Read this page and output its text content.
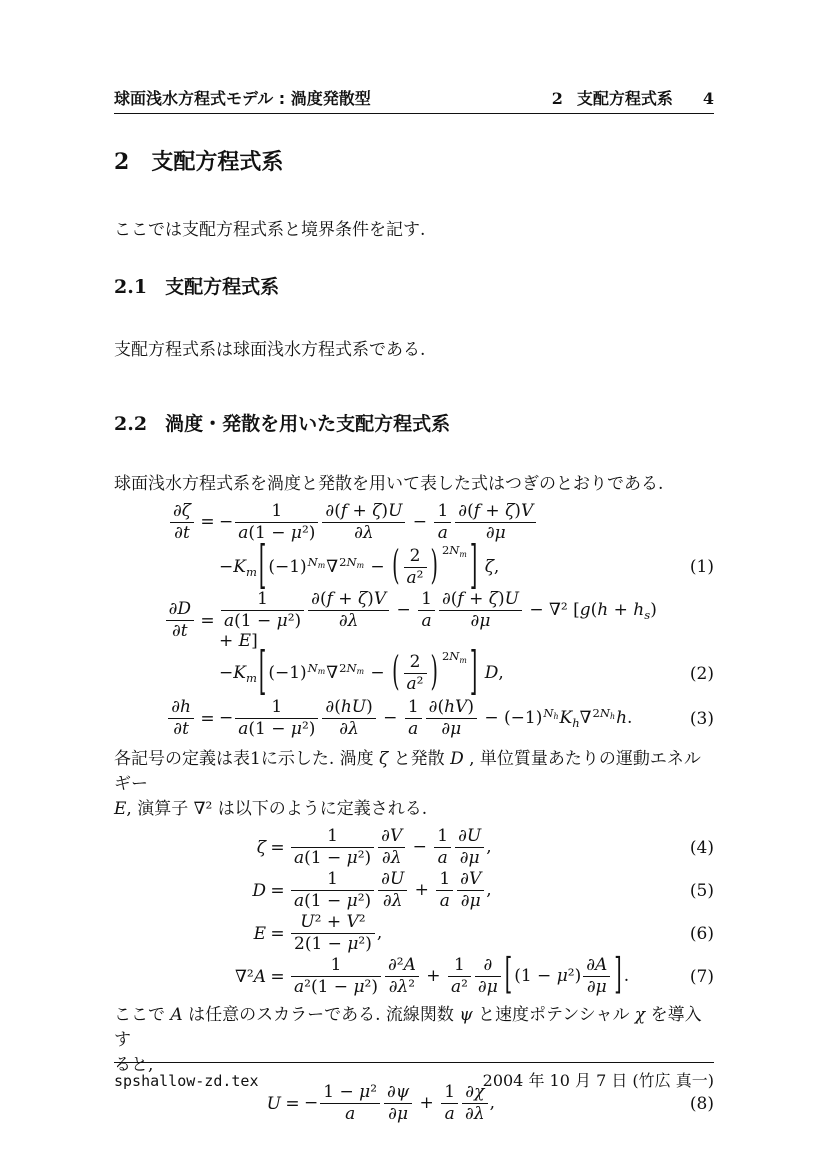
球面浅水方程式モデル : 渦度発散型	2 支配方程式系 4
2 支配方程式系
ここでは支配方程式系と境界条件を記す.
2.1 支配方程式系
支配方程式系は球面浅水方程式系である.
2.2 渦度・発散を用いた支配方程式系
球面浅水方程式系を渦度と発散を用いて表した式はつぎのとおりである.
$\frac{\partial\zeta}{\partial t}$ = − $\frac{1}{\text{a(1 − μ²)}} \frac{\partial(f + \zeta)U}{\partial\lambda} - \frac{1}{a} \frac{\partial(f + \zeta)V}{\partial\mu}$
$-K_m$ [ $(-1)^{N_m}\nabla^{2N_m}$ − ( $\frac{2}{\text{a²}}$ ) $^{2N_m}$ ] ζ,	(1)
$\frac{\partial D}{\partial t} = \frac{1}{\text{a(1 − μ²)}} \frac{\partial(f + \zeta)V}{\partial\lambda} - \frac{1}{a} \frac{\partial(f + \zeta)U}{\partial\mu} - \nabla^2$ $[g(h + h_s) + E]$
$-K_m$ [ $(-1)^{N_m}\nabla^{2N_m}$ − ( $\frac{2}{\text{a²}}$ ) $^{2N_m}$ ] D,	(2)
$\frac{\partial h}{\partial t}$ = − $\frac{1}{\text{a(1 − μ²)}} \frac{\partial(hU)}{\partial\lambda} - \frac{1}{a} \frac{\partial(hV)}{\partial\mu} - (-1)^{N_h}K_h\nabla^{2N_h}h$.	(3)
各記号の定義は表1に示した. 渦度 ζ と発散 D , 単位質量あたりの運動エネルギー
E, 演算子 ∇² は以下のように定義される.
$\zeta = \frac{1}{\text{a(1 − μ²)}} \frac{\partial V}{\partial\lambda} - \frac{1}{a} \frac{\partial U}{\partial\mu}$ ,	(4)
$D = \frac{1}{\text{a(1 − μ²)}} \frac{\partial U}{\partial\lambda} + \frac{1}{a} \frac{\partial V}{\partial\mu}$ ,	(5)
$E = \frac{\text{U² + V²}}{\text{2(1 − μ²)}}$ ,	(6)
$\nabla^2A = \frac{1}{\text{a²(1 − μ²)}} \frac{\text{∂²A}}{\text{∂λ²}} + \frac{1}{\text{a²}} \frac{\partial}{\partial\mu}$ [ $(1 - \mu^2) \frac{\partial A}{\partial\mu}$ ] .	(7)
ここで A は任意のスカラーである. 流線関数 ψ と速度ポテンシャル χ を導入す
ると,
U = − $\frac{\text{1 − μ²}}{a} \frac{\partial\psi}{\partial\mu} + \frac{1}{a} \frac{\partial\chi}{\partial\lambda}$ ,	(8)
spshallow-zd.tex	2004 年 10 月 7 日 (竹広 真一)
